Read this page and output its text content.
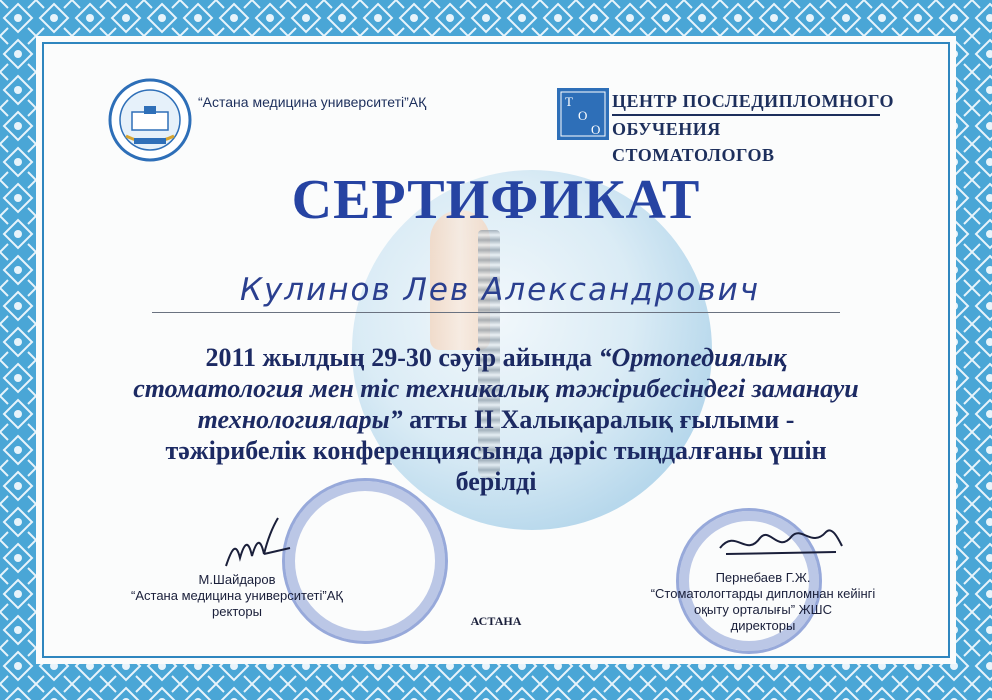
“Астана медицина университеті”АҚ	Т
О
О
ЦЕНТР ПОСЛЕДИПЛОМНОГО
ОБУЧЕНИЯ СТОМАТОЛОГОВ
СЕРТИФИКАТ
Кулинов Лев Александрович
2011 жылдың 29-30 сәуір айында “Ортопедиялық стоматология мен тіс техникалық тәжірибесіндегі заманауи технологиялары” атты II Халықаралық ғылыми - тәжірибелік конференциясында дәріс тыңдалғаны үшін берілді
М.Шайдаров
“Астана медицина университеті”АҚ
ректоры
Пернебаев Г.Ж.
“Стоматологтарды дипломнан кейінгі
оқыту орталығы” ЖШС
директоры
АСТАНА
